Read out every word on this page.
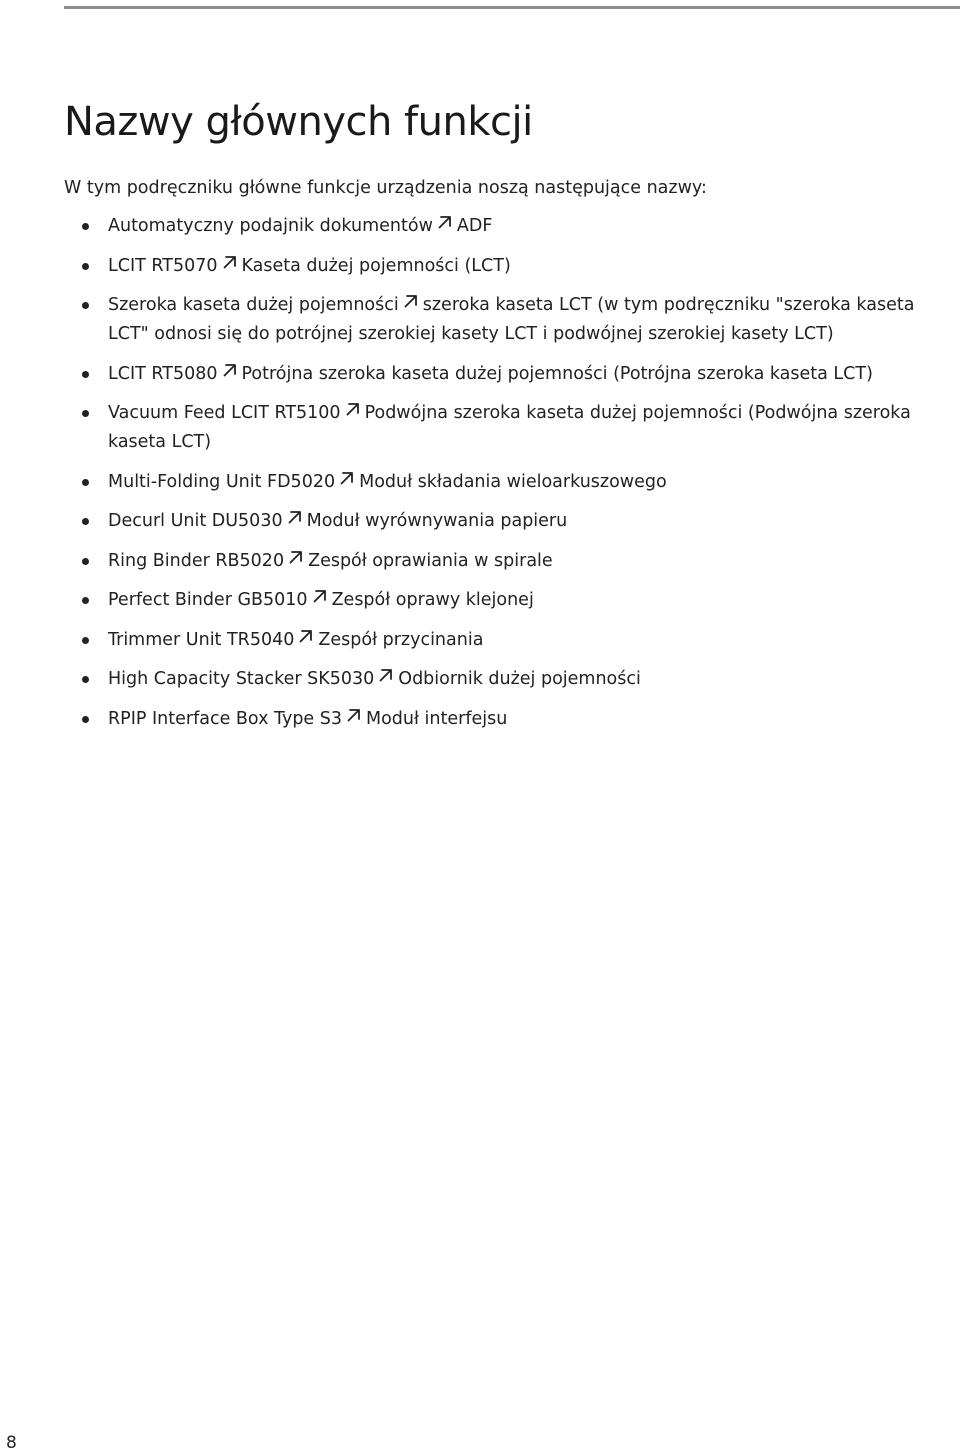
Nazwy głównych funkcji

W tym podręczniku główne funkcje urządzenia noszą następujące nazwy:

Automatyczny podajnik dokumentów ADF
LCIT RT5070 Kaseta dużej pojemności (LCT)
Szeroka kaseta dużej pojemności szeroka kaseta LCT (w tym podręczniku "szeroka kaseta LCT" odnosi się do potrójnej szerokiej kasety LCT i podwójnej szerokiej kasety LCT)
LCIT RT5080 Potrójna szeroka kaseta dużej pojemności (Potrójna szeroka kaseta LCT)
Vacuum Feed LCIT RT5100 Podwójna szeroka kaseta dużej pojemności (Podwójna szeroka kaseta LCT)
Multi-Folding Unit FD5020 Moduł składania wieloarkuszowego
Decurl Unit DU5030 Moduł wyrównywania papieru
Ring Binder RB5020 Zespół oprawiania w spirale
Perfect Binder GB5010 Zespół oprawy klejonej
Trimmer Unit TR5040 Zespół przycinania
High Capacity Stacker SK5030 Odbiornik dużej pojemności
RPIP Interface Box Type S3 Moduł interfejsu
8
